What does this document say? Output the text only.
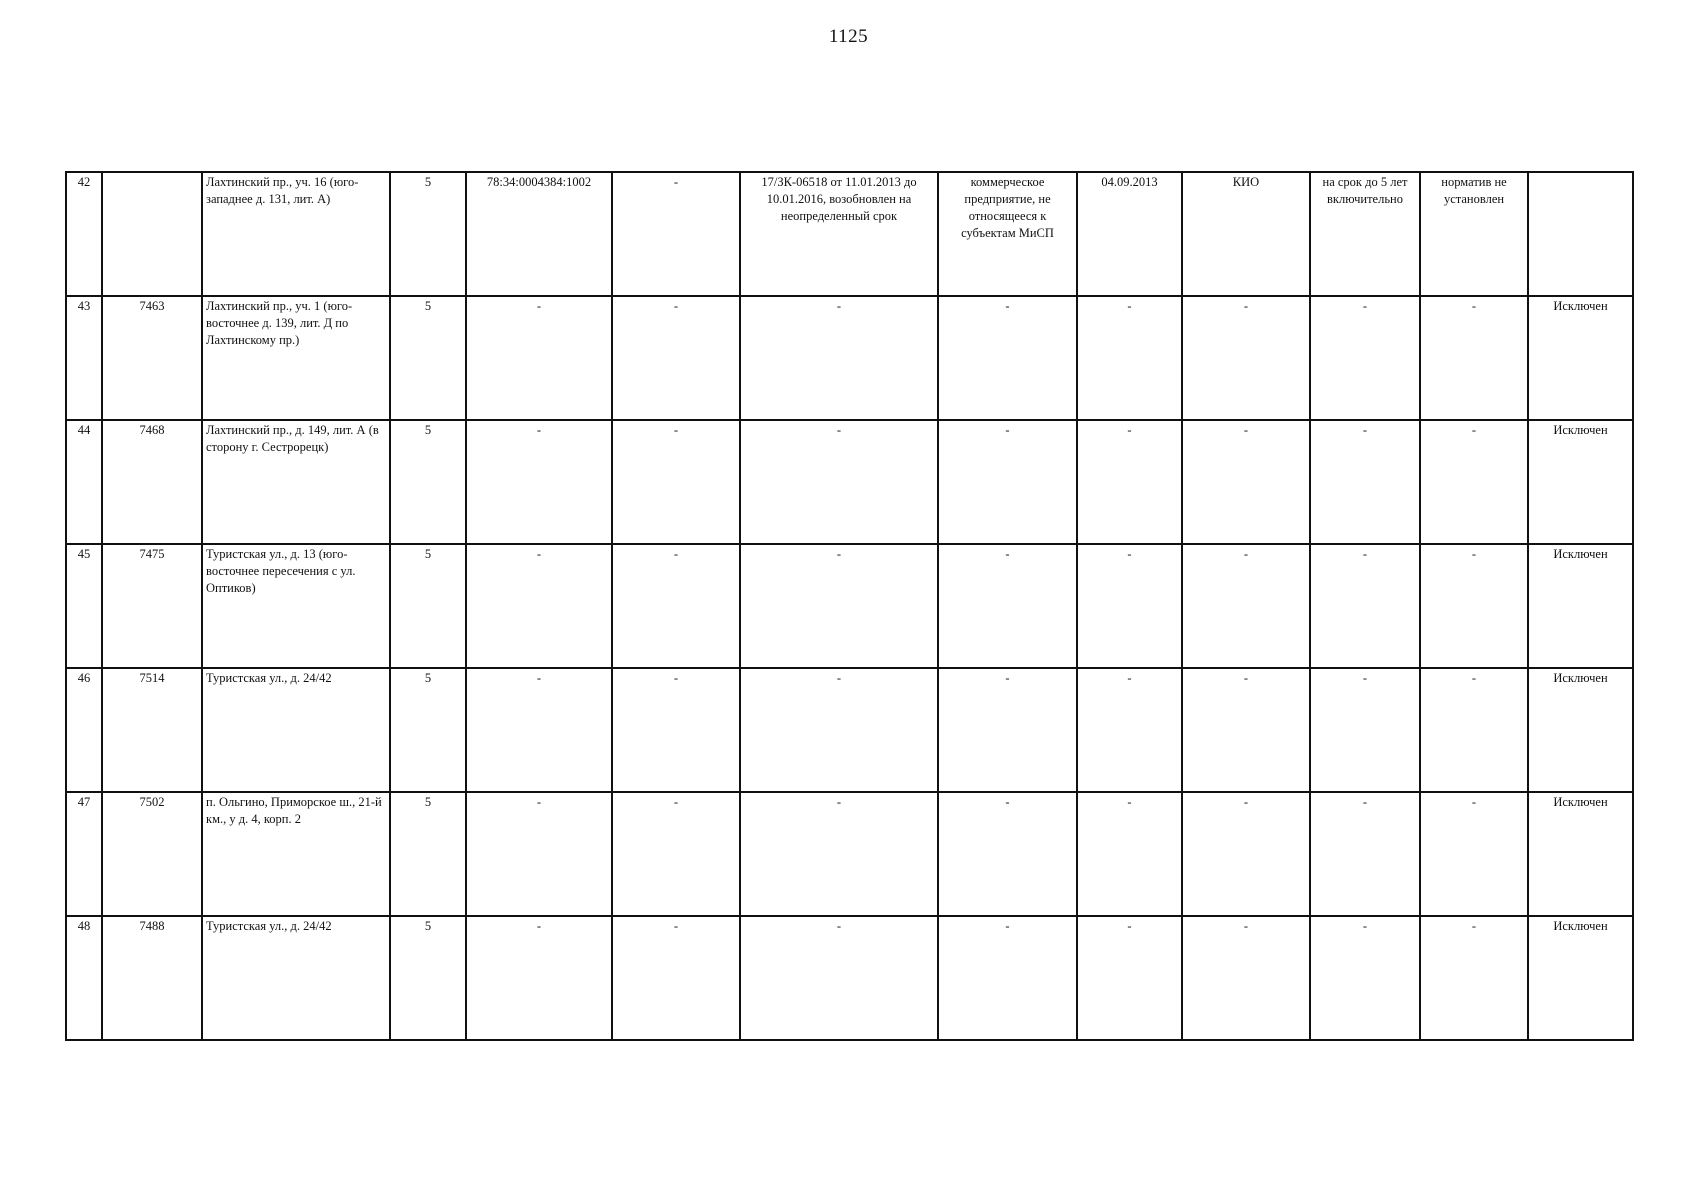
1125
42		Лахтинский пр., уч. 16 (юго-западнее д. 131, лит. А)	5	78:34:0004384:1002	-	17/ЗК-06518 от 11.01.2013 до 10.01.2016, возобновлен на неопределенный срок	коммерческое предприятие, не относящееся к субъектам МиСП	04.09.2013	КИО	на срок до 5 лет включительно	норматив не установлен	
43	7463	Лахтинский пр., уч. 1 (юго-восточнее д. 139, лит. Д по Лахтинскому пр.)	5	-	-	-	-	-	-	-	-	Исключен
44	7468	Лахтинский пр., д. 149, лит. А (в сторону г. Сестрорецк)	5	-	-	-	-	-	-	-	-	Исключен
45	7475	Туристская ул., д. 13 (юго-восточнее пересечения с ул. Оптиков)	5	-	-	-	-	-	-	-	-	Исключен
46	7514	Туристская ул., д. 24/42	5	-	-	-	-	-	-	-	-	Исключен
47	7502	п. Ольгино, Приморское ш., 21-й км., у д. 4, корп. 2	5	-	-	-	-	-	-	-	-	Исключен
48	7488	Туристская ул., д. 24/42	5	-	-	-	-	-	-	-	-	Исключен
